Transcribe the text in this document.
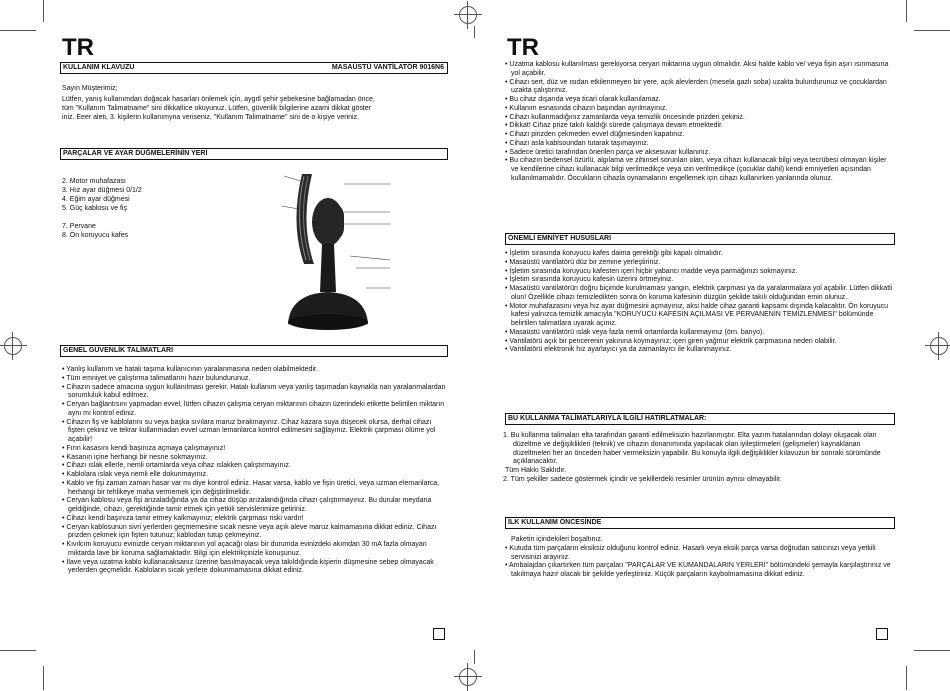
TR
KULLANIM KLAVUZU	MASAÜSTÜ VANTİLATÖR 9016N6

Sayın Müşterimiz;

Lütfen, yanış kullanımdan doğacak hasarları önlemek için, aygıtl şehir şebekesine bağlamadan önce,

tüm "Kullanım Talimatname" sini dikkatlice okuyunuz. Lütfen, güvenlik bilgilerine azami dikkat göster

iniz. Eeer aleti, 3. kişilerin kullanımyna veriseniz, "Kullanım Talimatname" sini de o kişiye veriniz.

PARÇALAR VE AYAR DÜĞMELERİNİN YERİ

2. Motor muhafazası

3. Hız ayar düğmesi 0/1/2

4. Eğim ayar düğmesi

5. Güç kablosu ve fiş

7. Pervane

8. Ön koruyucu kafes

GENEL GÜVENLİK TALİMATLARI

• Yanlış kullanım ve hatalı taşıma kullanıcının yaralanmasına neden olabilmektedir.

• Tüm emniyet ve çalıştırma talimatlarını hazır bulundurunuz.

• Cihazın sadece amacına uygun kullanılması gerekir. Hatalı kullanım veya yanlış taşımadan kaynakla nan yaralanmalardan sorumluluk kabul edilmez.

• Ceryan bağlantısını yapmadan evvel, lütfen cihazın çalışma ceryan miktarının cihazın üzerindeki etikette belirtilen miktarın aynı mı kontrol ediniz.

• Cihazın fiş ve kablolarını su veya başka sıvılara maruz bırakmayınız. Cihaz kazara suya düşecek olursa, derhal cihazı fişten çekiniz ve tekrar kullanmadan evvel uzman lemanlarca kontrol edilmesini sağlayınız. Elektrik çarpması ölüme yol açabilir!

• Fırın kasasını kendi başınıza açmaya çalışmayınız!

• Kasanın içine herhangi bir nesne sokmayınız.

• Cihazı ıslak ellerle, nemli ortamlarda veya cihaz ıslakken çalıştırmayınız.

• Kablolara ıslak veya nemli elle dokunmayınız.

• Kablo ve fişi zaman zaman hasar var mı diye kontrol ediniz. Hasar varsa, kablo ve fişin üretici, veya uzman elemanlarca, herhangi bir tehlikeye maha vermemek için değiştirilmelidir.

• Ceryan kablosu veya fişi arızaladığında ya da cihaz düşüp arızalandığında cihazı çalıştırmayınız. Bu durular meydana geldiğinde, cihazı, gerektiğinde tamir etmek için yetkili servislerimize getiriniz.

• Cihazı kendi başınıza tamir etmey kalkmayınız; elektrik çarpması riski vardır!

• Ceryan kablosunun sivri yerlerden geçmemesine sıcak nesne veya açık aleve maruz kalmamasına dikkat ediniz. Cihazı prizden çekmek için fişten tutunuz; kablodan tutup çekmeyiniz.

• Kıvılcım koruyucu evinizde ceryan miktarının yol açacağı olası bir durumda evinizdeki akımdan 30 mA fazla olmayan miktarda lave bir koruma sağlamaktadır. Bilgi için elektrikçinizle konuşunuz.

• İlave veya uzatma kablo kullanacaksanız üzerine basılmayacak veya takıldığında kişierin düşmesine sebep olmayacak yerlerden geçmelidir. Kabloların sıcak yerlere dokunmamasına dikkat ediniz.

TR

• Uzatma kablosu kullanılması gerekiyorsa ceryan miktarına uygun olmalıdır. Aksi halde kablo ve/ veya fişin aşırı ısınmasına yol açabilir.

• Cihazı sert, düz ve ısıdan etkilenmeyen bir yere, açık alevlerden (mesela gazlı soba) uzakta bulundurunuz ve çocuklardan uzakta çalıştırınız.

• Bu cihaz dışarıda veya ticari olarak kullanılamaz.

• Kullanım esnasında cihazın başından ayrılmayınız.

• Cihazı kullanmadığınız zamanlarda veya temizlik öncesinde prizden çekiniz.

• Dikkat! Cihaz prize takılı kaldığı sürede çalışmaya devam etmektedir.

• Cihazı pirizden çekmeden evvel düğmesinden kapatınız.

• Cihazı asla kablsoundan tutarak taşımayınız.

• Sadece üretici tarafından önerilen parça ve aksesuvar kullanınız.

• Bu cihazın bedensel özürlü, algılama ve zihinsel sorunları olan, veya cihazı kullanacak bilgi veya tecrübesi olmayan kişiler ve kendilerine cihazı kullanacak bilgi verilmedikçe veya izin verilmedikçe (çocuklar dahil) kendi emniyetleri açısından kullanılmamalıdır. Öocukların cihazla oynamalarını engellemek için cihazı kullanırken yanlarında olunuz.

ÖNEMLİ EMNİYET HUSUSLARI

• İşletim sırasında koruyucu kafes daima gerektiği gibi kapalı olmalıdır.

• Masaüstü vantilatörü düz bir zemine yerleştiriniz.

• İşletim sırasında koruyucu kafesten içeri hiçbir yabancı madde veya parmağınızı sokmayınız.

• İşletim sırasında koruyucu kafesin üzerini örtmeyiniz.

• Masaüstü vantilatörün doğru biçimde kurulmaması yangın, elektrik çarpması ya da yaralanmalara yol açabilir. Lütfen dikkatli olun! Özellikle cihazı temizledikten sonra ön koruma kafesinin düzgün şekilde takılı olduğundan emin olunuz.

• Motor muhafazasını veya hız ayar düğmesini açmayınız, aksi halde cihaz garanti kapsamı dışında kalacaktır. Ön koruyucu kafesi yalnızca temizlik amacıyla "KORUYUCU KAFESİN AÇILMASI VE PERVANENİN TEMİZLENMESİ" bölümünde belirtilen talimatlara uyarak açınız.

• Masaüstü vantilatörü ıslak veya fazla nemli ortamlarda kullanmayınız (örn. banyo).

• Vantilatörü açık bir pencerenin yakınına koymayınız; içeri giren yağmur elektrik çarpmasına neden olabilir.

• Vantilatörü elektronik hız ayarlayıcı ya da zamanlayıcı ile kullanmayınız.

BU KULLANMA TALİMATLARIYLA İLGİLİ HATIRLATMALAR:

1. Bu kullanma talimaları elta tarafından garanti edilmeksizin hazırlanmıştır. Elta yazım hatalarından dolayı oluşacak olan düzeltme ve değişiklikleri (teknik) ve cihazın donanımında yapılacak olan iyileştirmeleri (gelişmeler) kaynaklanan düzeltmeleri her an önceden haber vermeksizin yapabilir. Bu konuyla ilgili değişiklikler kılavuzun bir sonraki sürümünde açıklanacaktır.

Tüm Hakkı Saklıdır.

2. Tüm şekiller sadece göstermek içindir ve şekillerdeki resimler ürünün aynısı olmayabilir.

İLK KULLANIM ÖNCESİNDE

Paketin içindekileri boşaltınız.

• Kutuda tüm parçaların eksiksiz olduğunu kontrol ediniz. Hasarlı veya eksik parça varsa doğrudan satıcınızı veya yetkili servisinizi arayınız.

• Ambalajdan çıkartırken tüm parçaları "PARÇALAR VE KUMANDALARIN YERLERİ" bölümündeki şemayla karşılaştırınız ve takılmaya hazır olacak bir şekilde yerleştiriniz. Küçük parçaların kaybolmamasına dikkat ediniz.
